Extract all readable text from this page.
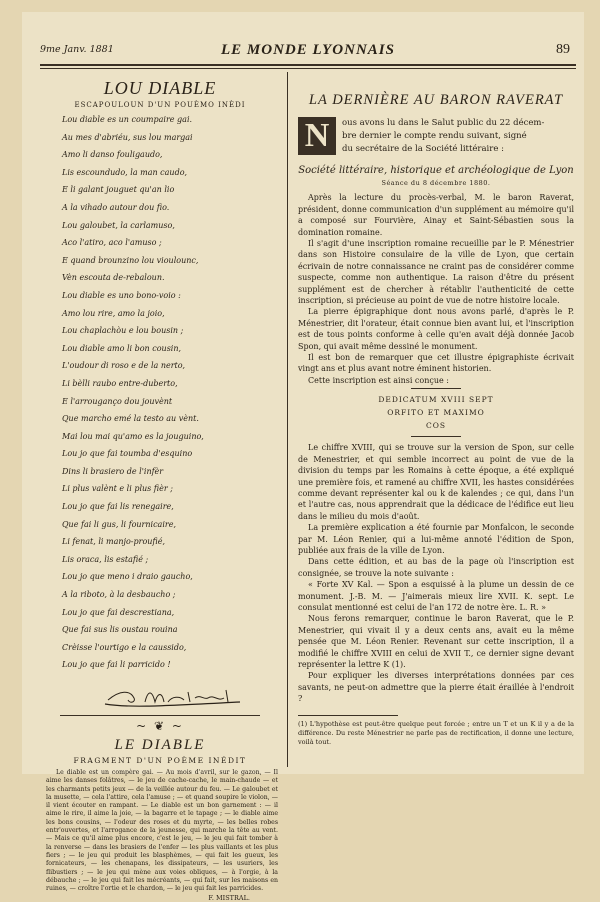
9me Janv. 1881	LE MONDE LYONNAIS	89
LOU DIABLE
ESCAPOULOUN D'UN POUÈMO INÈDI
Lou diable es un coumpaire gai.
Au mes d'abriéu, sus lou margai
Amo li danso fouligaudo,
Lis escoundudo, la man caudo,
E li galant jouguet qu'an lio
A la vihado autour dou fio.
Lou galoubet, la carlamuso,
Aco l'atiro, aco l'amuso ;
E quand brounzino lou vioulounc,
Vèn escouta de-rebaloun.
Lou diable es uno bono-voio :
Amo lou rire, amo la joio,
Lou chaplachòu e lou bousin ;
Lou diable amo li bon cousin,
L'oudour di roso e de la nerto,
Li bèlli raubo entre-duberto,
E l'arrouganço dou jouvènt
Que marcho emé la testo au vènt.
Mai lou mai qu'amo es la jouguino,
Lou jo que fai toumba d'esquino
Dins li brasiero de l'infèr
Li plus valènt e li plus fièr ;
Lou jo que fai lis renegaire,
Que fai li gus, li fournicaire,
Li fenat, li manjo-proufié,
Lis oraca, lis estafié ;
Lou jo que meno i draio gaucho,
A la riboto, à la desbaucho ;
Lou jo que fai descrestiana,
Que fai sus lis oustau rouina
Crèisse l'ourtigo e la caussido,
Lou jo que fai li parricido !
~ ❦ ~
LE DIABLE
FRAGMENT D'UN POÈME INÉDIT

Le diable est un compère gai. — Au mois d'avril, sur le gazon, — Il aime les danses folâtres, — le jeu de cache-cache, le main-chaude — et les charmants petits jeux — de la veillée autour du feu. — Le galoubet et la musette, — cela l'attire, cela l'amuse ; — et quand soupire le violon, —il vient écouter en rampant. — Le diable est un bon garnement : — il aime le rire, il aime la joie, — la bagarre et le tapage ; — le diable aime les bons cousins, — l'odeur des roses et du myrte, — les belles robes entr'ouvertes, et l'arrogance de la jeunesse, qui marche la tête au vent. — Mais ce qu'il aime plus encore, c'est le jeu, — le jeu qui fait tomber à la renverse — dans les brasiers de l'enfer — les plus vaillants et les plus fiers ; — le jeu qui produit les blasphèmes, — qui fait les gueux, les fornicateurs, — les chenapans, les dissipateurs, — les usuriers, les flibustiers ; — le jeu qui mène aux voies obliques, — à l'orgie, à la débauche ; — le jeu qui fait les mécréants, — qui fait, sur les maisons en ruines, — croître l'ortie et le chardon, — le jeu qui fait les parricides.

F. MISTRAL.
LA DERNIÈRE AU BARON RAVERAT
N	ous avons lu dans le Salut public du 22 décem-
bre dernier le compte rendu suivant, signé
du secrétaire de la Société littéraire :
Société littéraire, historique et archéologique de Lyon
Séance du 8 décembre 1880.

Après la lecture du procès-verbal, M. le baron Raverat, président, donne communication d'un supplément au mémoire qu'il a composé sur Fourvière, Ainay et Saint-Sébastien sous la domination romaine.

Il s'agit d'une inscription romaine recueillie par le P. Ménestrier dans son Histoire consulaire de la ville de Lyon, que certain écrivain de notre connaissance ne craint pas de considérer comme suspecte, comme non authentique. La raison d'être du présent supplément est de chercher à rétablir l'authenticité de cette inscription, si précieuse au point de vue de notre histoire locale.

La pierre épigraphique dont nous avons parlé, d'après le P. Ménestrier, dit l'orateur, était connue bien avant lui, et l'inscription est de tous points conforme à celle qu'en avait déjà donnée Jacob Spon, qui avait même dessiné le monument.

Il est bon de remarquer que cet illustre épigraphiste écrivait vingt ans et plus avant notre éminent historien.

Cette inscription est ainsi conçue :

DEDICATUM XVIII SEPT
ORFITO ET MAXIMO
COS

Le chiffre XVIII, qui se trouve sur la version de Spon, sur celle de Menestrier, et qui semble incorrect au point de vue de la division du temps par les Romains à cette époque, a été expliqué une première fois, et ramené au chiffre XVII, les hastes considérées comme devant représenter kal ou k de kalendes ; ce qui, dans l'un et l'autre cas, nous apprendrait que la dédicace de l'édifice eut lieu dans le milieu du mois d'août.

La première explication a été fournie par Monfalcon, le seconde par M. Léon Renier, qui a lui-même annoté l'édition de Spon, publiée aux frais de la ville de Lyon.

Dans cette édition, et au bas de la page où l'inscription est consignée, se trouve la note suivante :

« Forte XV Kal. — Spon a esquissé à la plume un dessin de ce monument. J.-B. M. — J'aimerais mieux lire XVII. K. sept. Le consulat mentionné est celui de l'an 172 de notre ère. L. R. »

Nous ferons remarquer, continue le baron Raverat, que le P. Menestrier, qui vivait il y a deux cents ans, avait eu la même pensée que M. Léon Renier. Revenant sur cette inscription, il a modifié le chiffre XVIII en celui de XVII T., ce dernier signe devant représenter la lettre K (1).

Pour expliquer les diverses interprétations données par ces savants, ne peut-on admettre que la pierre était éraillée à l'endroit ?

(1) L'hypothèse est peut-être quelque peut forcée ; entre un T et un K il y a de la différence. Du reste Ménestrier ne parle pas de rectification, il donne une lecture, voilà tout.
